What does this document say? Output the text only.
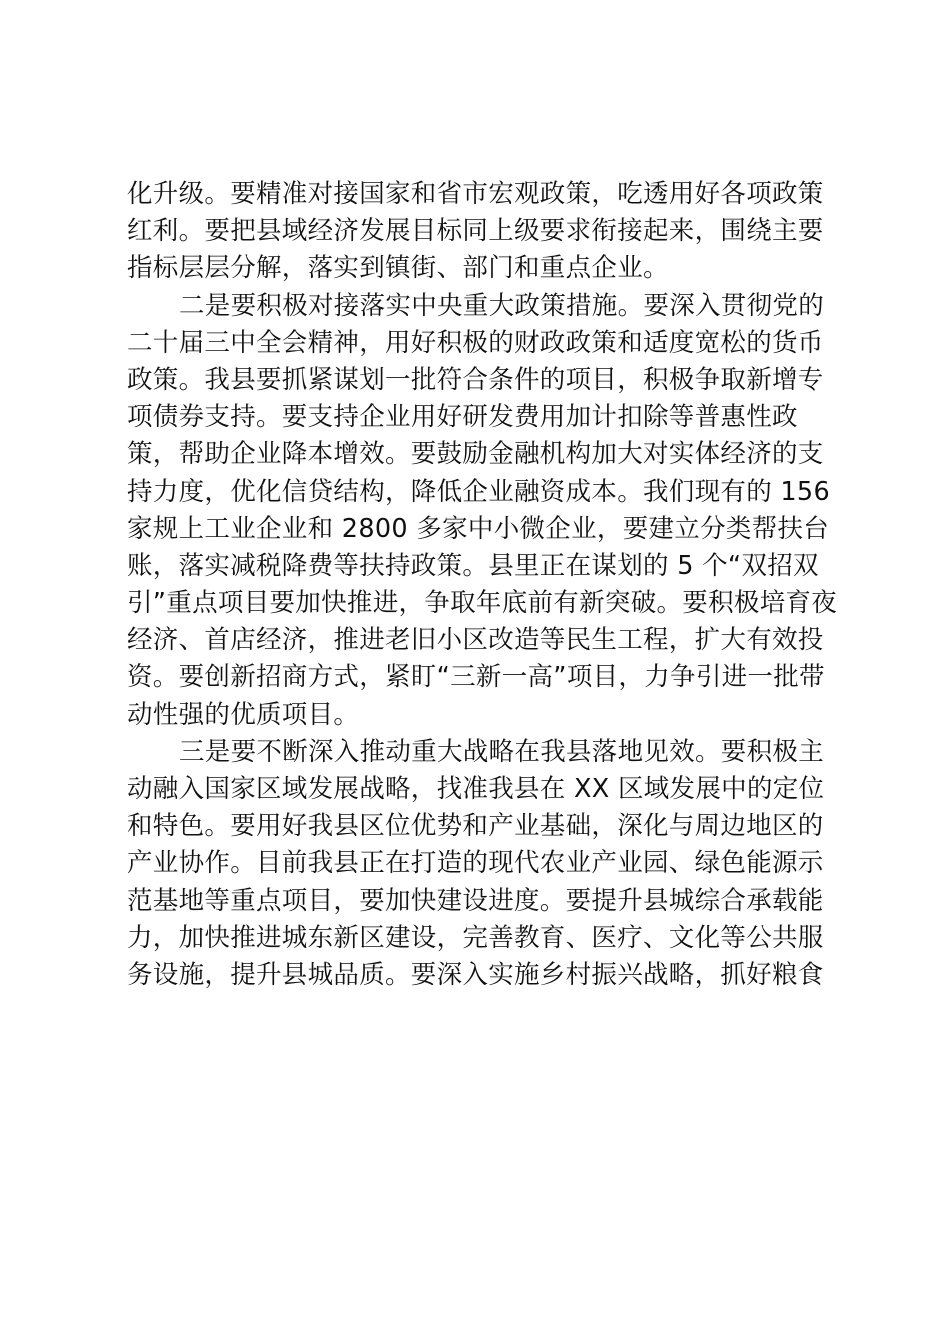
化升级。要精准对接国家和省市宏观政策，吃透用好各项政策
红利。要把县域经济发展目标同上级要求衔接起来，围绕主要
指标层层分解，落实到镇街、部门和重点企业。
二是要积极对接落实中央重大政策措施。要深入贯彻党的
二十届三中全会精神，用好积极的财政政策和适度宽松的货币
政策。我县要抓紧谋划一批符合条件的项目，积极争取新增专
项债券支持。要支持企业用好研发费用加计扣除等普惠性政
策，帮助企业降本增效。要鼓励金融机构加大对实体经济的支
持力度，优化信贷结构，降低企业融资成本。我们现有的 156
家规上工业企业和 2800 多家中小微企业，要建立分类帮扶台
账，落实减税降费等扶持政策。县里正在谋划的 5 个“双招双
引”重点项目要加快推进，争取年底前有新突破。要积极培育夜
经济、首店经济，推进老旧小区改造等民生工程，扩大有效投
资。要创新招商方式，紧盯“三新一高”项目，力争引进一批带
动性强的优质项目。
三是要不断深入推动重大战略在我县落地见效。要积极主
动融入国家区域发展战略，找准我县在 XX 区域发展中的定位
和特色。要用好我县区位优势和产业基础，深化与周边地区的
产业协作。目前我县正在打造的现代农业产业园、绿色能源示
范基地等重点项目，要加快建设进度。要提升县城综合承载能
力，加快推进城东新区建设，完善教育、医疗、文化等公共服
务设施，提升县城品质。要深入实施乡村振兴战略，抓好粮食
